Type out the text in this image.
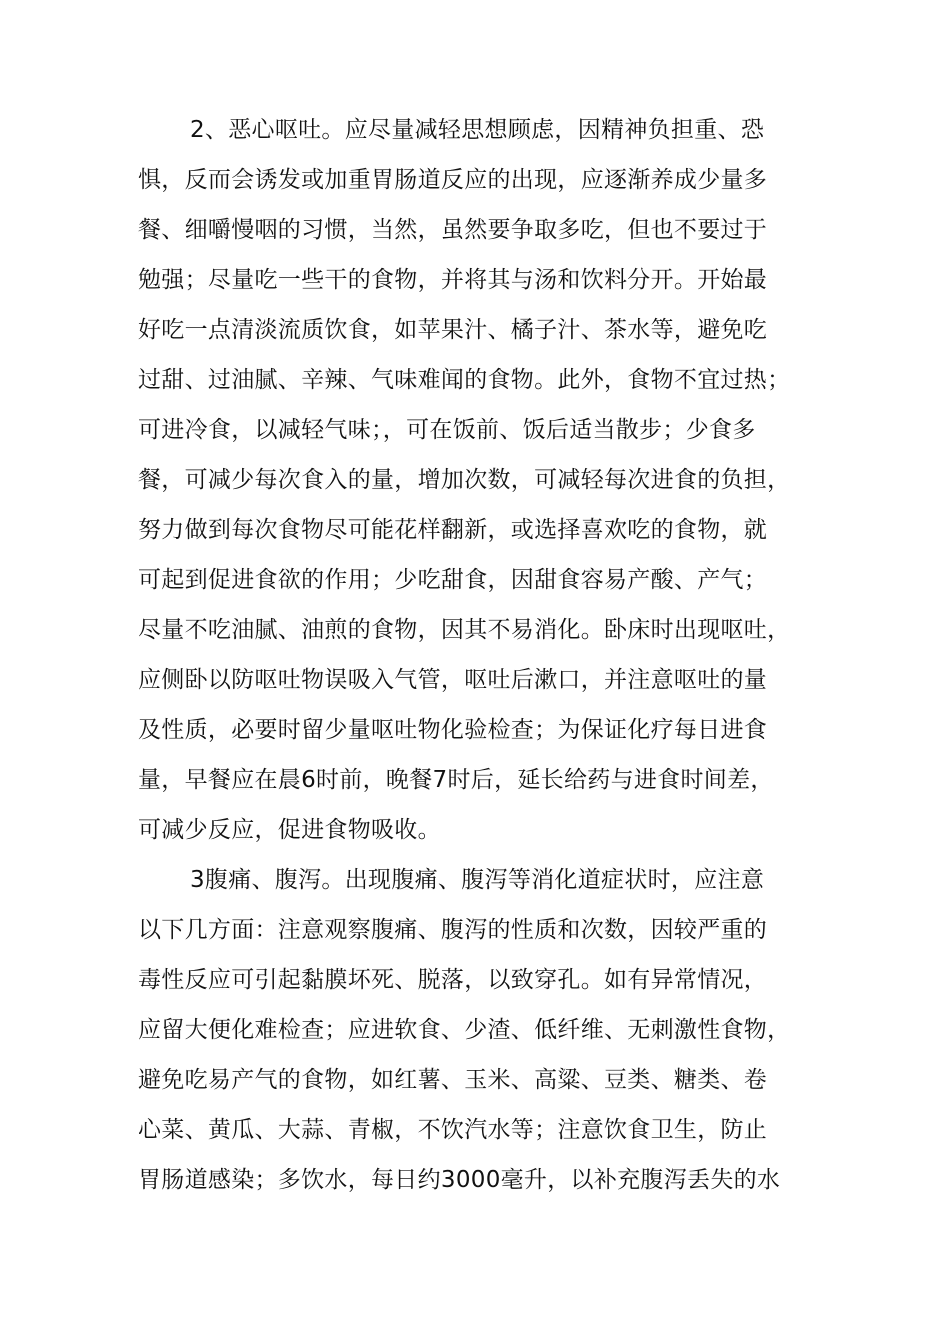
2、恶心呕吐。应尽量减轻思想顾虑，因精神负担重、恐
惧，反而会诱发或加重胃肠道反应的出现，应逐渐养成少量多
餐、细嚼慢咽的习惯，当然，虽然要争取多吃，但也不要过于
勉强；尽量吃一些干的食物，并将其与汤和饮料分开。开始最
好吃一点清淡流质饮食，如苹果汁、橘子汁、茶水等，避免吃
过甜、过油腻、辛辣、气味难闻的食物。此外，食物不宜过热；
可进冷食，以减轻气味；，可在饭前、饭后适当散步；少食多
餐，可减少每次食入的量，增加次数，可减轻每次进食的负担，
努力做到每次食物尽可能花样翻新，或选择喜欢吃的食物，就
可起到促进食欲的作用；少吃甜食，因甜食容易产酸、产气；
尽量不吃油腻、油煎的食物，因其不易消化。卧床时出现呕吐，
应侧卧以防呕吐物误吸入气管，呕吐后漱口，并注意呕吐的量
及性质，必要时留少量呕吐物化验检查；为保证化疗每日进食
量，早餐应在晨6时前，晚餐7时后，延长给药与进食时间差，
可减少反应，促进食物吸收。
3腹痛、腹泻。出现腹痛、腹泻等消化道症状时，应注意
以下几方面：注意观察腹痛、腹泻的性质和次数，因较严重的
毒性反应可引起黏膜坏死、脱落，以致穿孔。如有异常情况，
应留大便化难检查；应进软食、少渣、低纤维、无刺激性食物，
避免吃易产气的食物，如红薯、玉米、高粱、豆类、糖类、卷
心菜、黄瓜、大蒜、青椒，不饮汽水等；注意饮食卫生，防止
胃肠道感染；多饮水，每日约3000毫升，以补充腹泻丢失的水
